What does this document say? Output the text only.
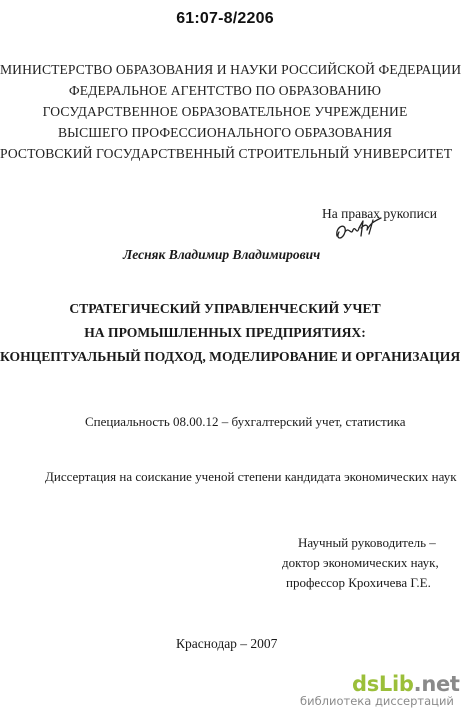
61:07-8/2206
МИНИСТЕРСТВО ОБРАЗОВАНИЯ И НАУКИ РОССИЙСКОЙ ФЕДЕРАЦИИ
ФЕДЕРАЛЬНОЕ АГЕНТСТВО ПО ОБРАЗОВАНИЮ
ГОСУДАРСТВЕННОЕ ОБРАЗОВАТЕЛЬНОЕ УЧРЕЖДЕНИЕ
ВЫСШЕГО ПРОФЕССИОНАЛЬНОГО ОБРАЗОВАНИЯ
РОСТОВСКИЙ ГОСУДАРСТВЕННЫЙ СТРОИТЕЛЬНЫЙ УНИВЕРСИТЕТ
На правах рукописи
Лесняк Владимир Владимирович
СТРАТЕГИЧЕСКИЙ УПРАВЛЕНЧЕСКИЙ УЧЕТ
НА ПРОМЫШЛЕННЫХ ПРЕДПРИЯТИЯХ:
КОНЦЕПТУАЛЬНЫЙ ПОДХОД, МОДЕЛИРОВАНИЕ И ОРГАНИЗАЦИЯ
Специальность 08.00.12 – бухгалтерский учет, статистика
Диссертация на соискание ученой степени кандидата экономических наук
Научный руководитель –
доктор экономических наук,
профессор Крохичева Г.Е.
Краснодар – 2007
dsLib.net
библиотека диссертаций
